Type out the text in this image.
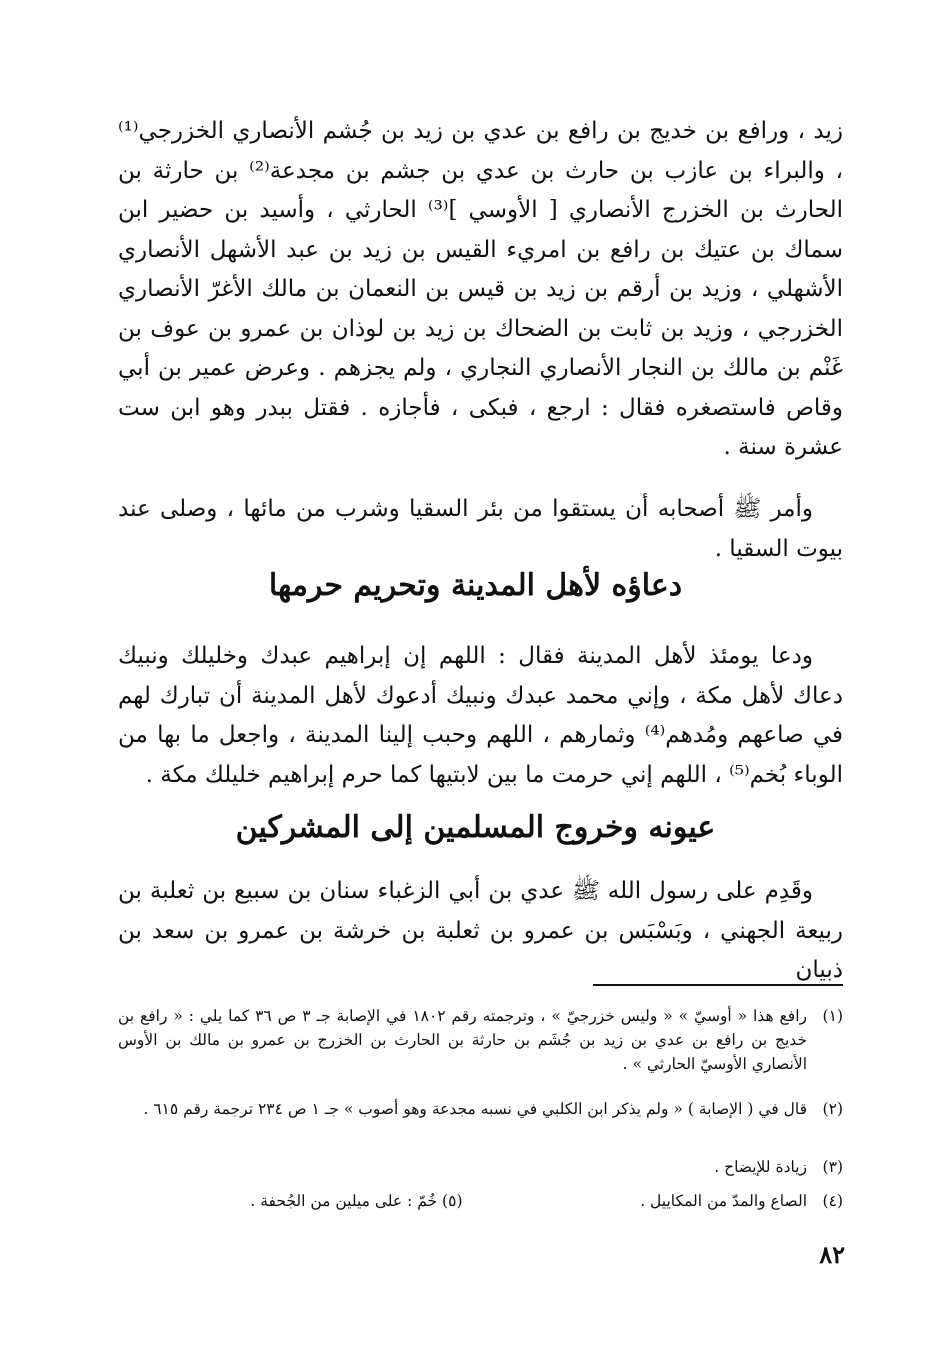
زيد ، ورافع بن خديج بن رافع بن عدي بن زيد بن جُشم الأنصاري الخزرجي⁽¹⁾ ، والبراء بن عازب بن حارث بن عدي بن جشم بن مجدعة⁽²⁾ بن حارثة بن الحارث بن الخزرج الأنصاري [ الأوسي ]⁽³⁾ الحارثي ، وأسيد بن حضير ابن سماك بن عتيك بن رافع بن امريء القيس بن زيد بن عبد الأشهل الأنصاري الأشهلي ، وزيد بن أرقم بن زيد بن قيس بن النعمان بن مالك الأغرّ الأنصاري الخزرجي ، وزيد بن ثابت بن الضحاك بن زيد بن لوذان بن عمرو بن عوف بن غَنْم بن مالك بن النجار الأنصاري النجاري ، ولم يجزهم . وعرض عمير بن أبي وقاص فاستصغره فقال : ارجع ، فبكى ، فأجازه . فقتل ببدر وهو ابن ست عشرة سنة .

وأمر ﷺ أصحابه أن يستقوا من بئر السقيا وشرب من مائها ، وصلى عند بيوت السقيا .

دعاؤه لأهل المدينة وتحريم حرمها

ودعا يومئذ لأهل المدينة فقال : اللهم إن إبراهيم عبدك وخليلك ونبيك دعاك لأهل مكة ، وإني محمد عبدك ونبيك أدعوك لأهل المدينة أن تبارك لهم في صاعهم ومُدهم⁽⁴⁾ وثمارهم ، اللهم وحبب إلينا المدينة ، واجعل ما بها من الوباء بُخم⁽⁵⁾ ، اللهم إني حرمت ما بين لابتيها كما حرم إبراهيم خليلك مكة .

عيونه وخروج المسلمين إلى المشركين

وقَدِم على رسول الله ﷺ عدي بن أبي الزغباء سنان بن سبيع بن ثعلبة بن ربيعة الجهني ، وبَسْبَس بن عمرو بن ثعلبة بن خرشة بن عمرو بن سعد بن ذبيان

(١)
رافع هذا « أوسيّ » « وليس خزرجيّ » ، وترجمته رقم ١٨٠٢ في الإصابة جـ ٣ ص ٣٦ كما يلي : « رافع بن خديج بن رافع بن عدي بن زيد بن جُشَم بن حارثة بن الحارث بن الخزرج بن عمرو بن مالك بن الأوس الأنصاري الأوسيّ الحارثي » .
(٢)
قال في ( الإصابة ) « ولم يذكر ابن الكلبي في نسبه مجدعة وهو أصوب » جـ ١ ص ٢٣٤ ترجمة رقم ٦١٥ .
(٣)
زيادة للإيضاح .
(٤)
الصاع والمدّ من المكاييل .
(٥) خُمّ : على ميلين من الجُحفة .
٨٢
